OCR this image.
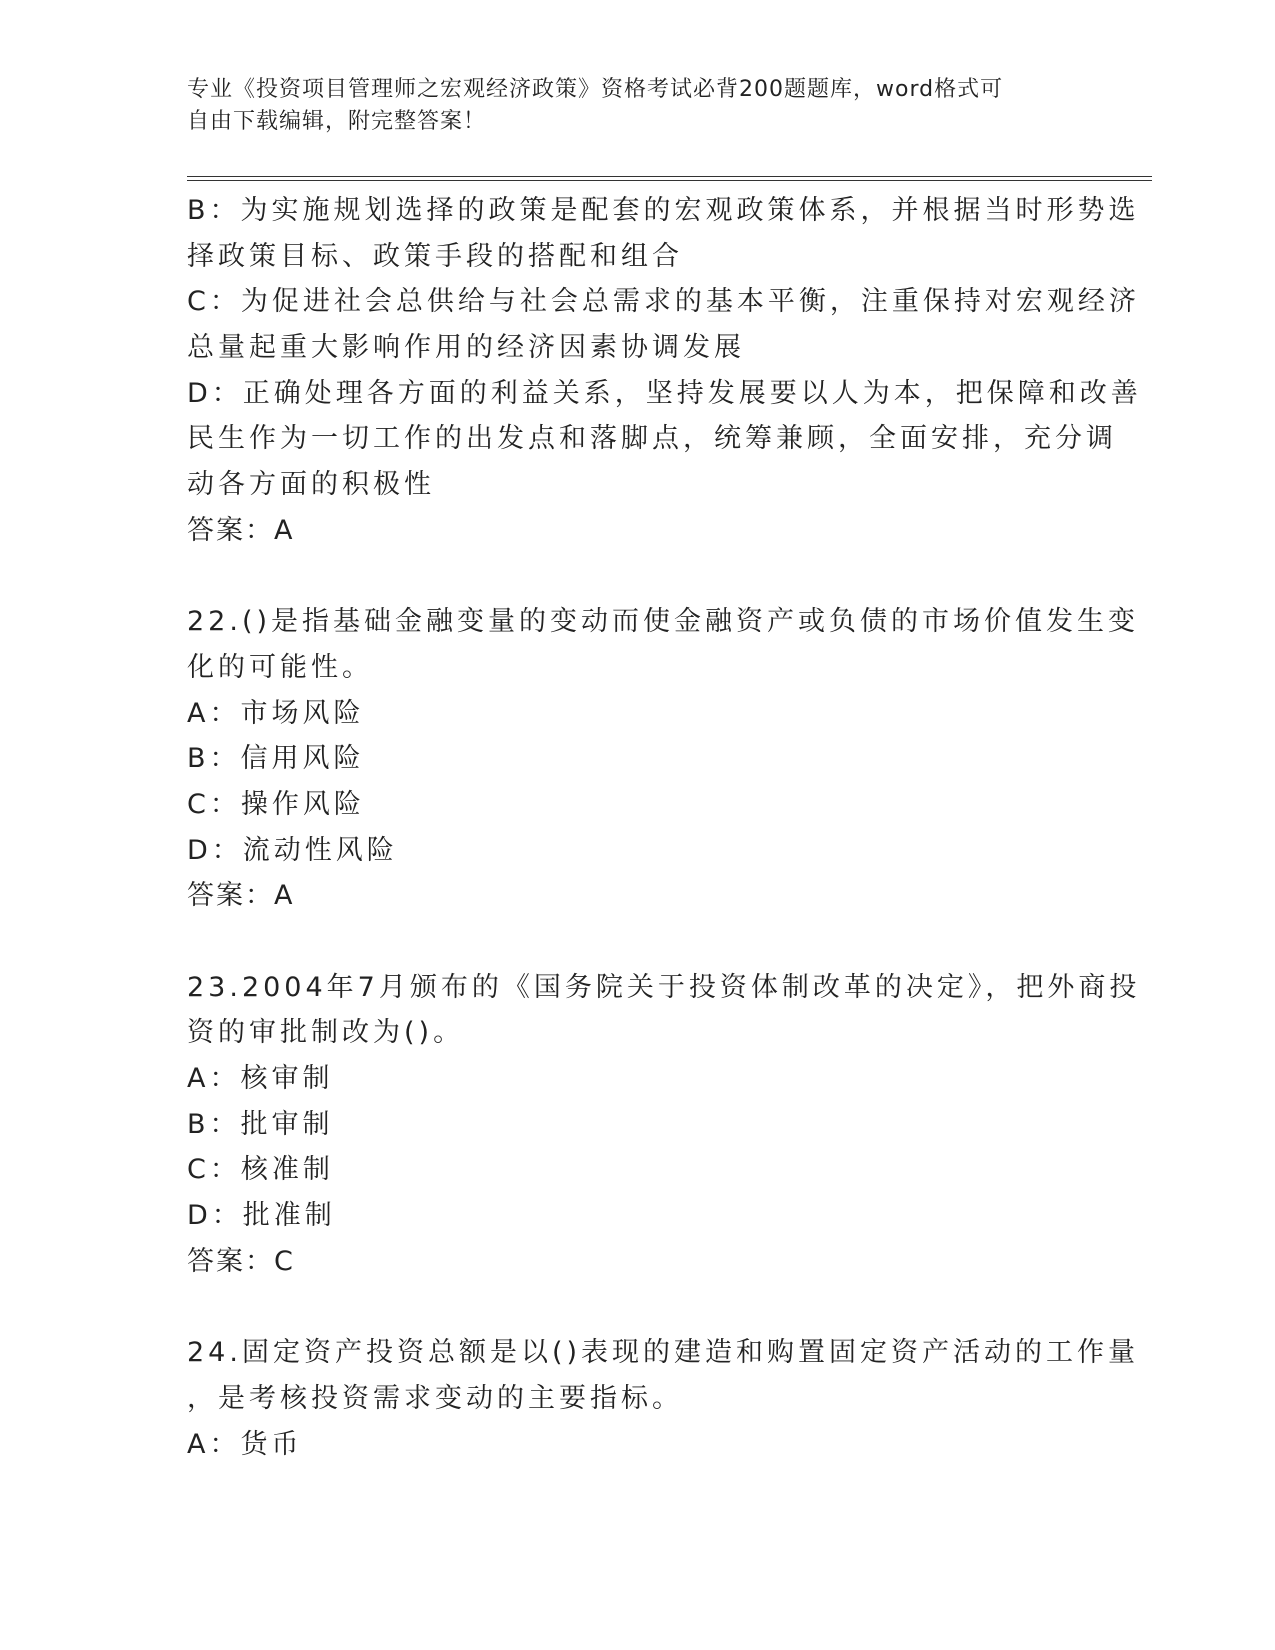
专业《投资项目管理师之宏观经济政策》资格考试必背200题题库，word格式可
自由下载编辑，附完整答案！
B：为实施规划选择的政策是配套的宏观政策体系，并根据当时形势选
择政策目标、政策手段的搭配和组合
C：为促进社会总供给与社会总需求的基本平衡，注重保持对宏观经济
总量起重大影响作用的经济因素协调发展
D：正确处理各方面的利益关系，坚持发展要以人为本，把保障和改善
民生作为一切工作的出发点和落脚点，统筹兼顾，全面安排，充分调
动各方面的积极性
答案：A
22.()是指基础金融变量的变动而使金融资产或负债的市场价值发生变
化的可能性。
A：市场风险
B：信用风险
C：操作风险
D：流动性风险
答案：A
23.2004年7月颁布的《国务院关于投资体制改革的决定》，把外商投
资的审批制改为()。
A：核审制
B：批审制
C：核准制
D：批准制
答案：C
24.固定资产投资总额是以()表现的建造和购置固定资产活动的工作量
，是考核投资需求变动的主要指标。
A：货币
